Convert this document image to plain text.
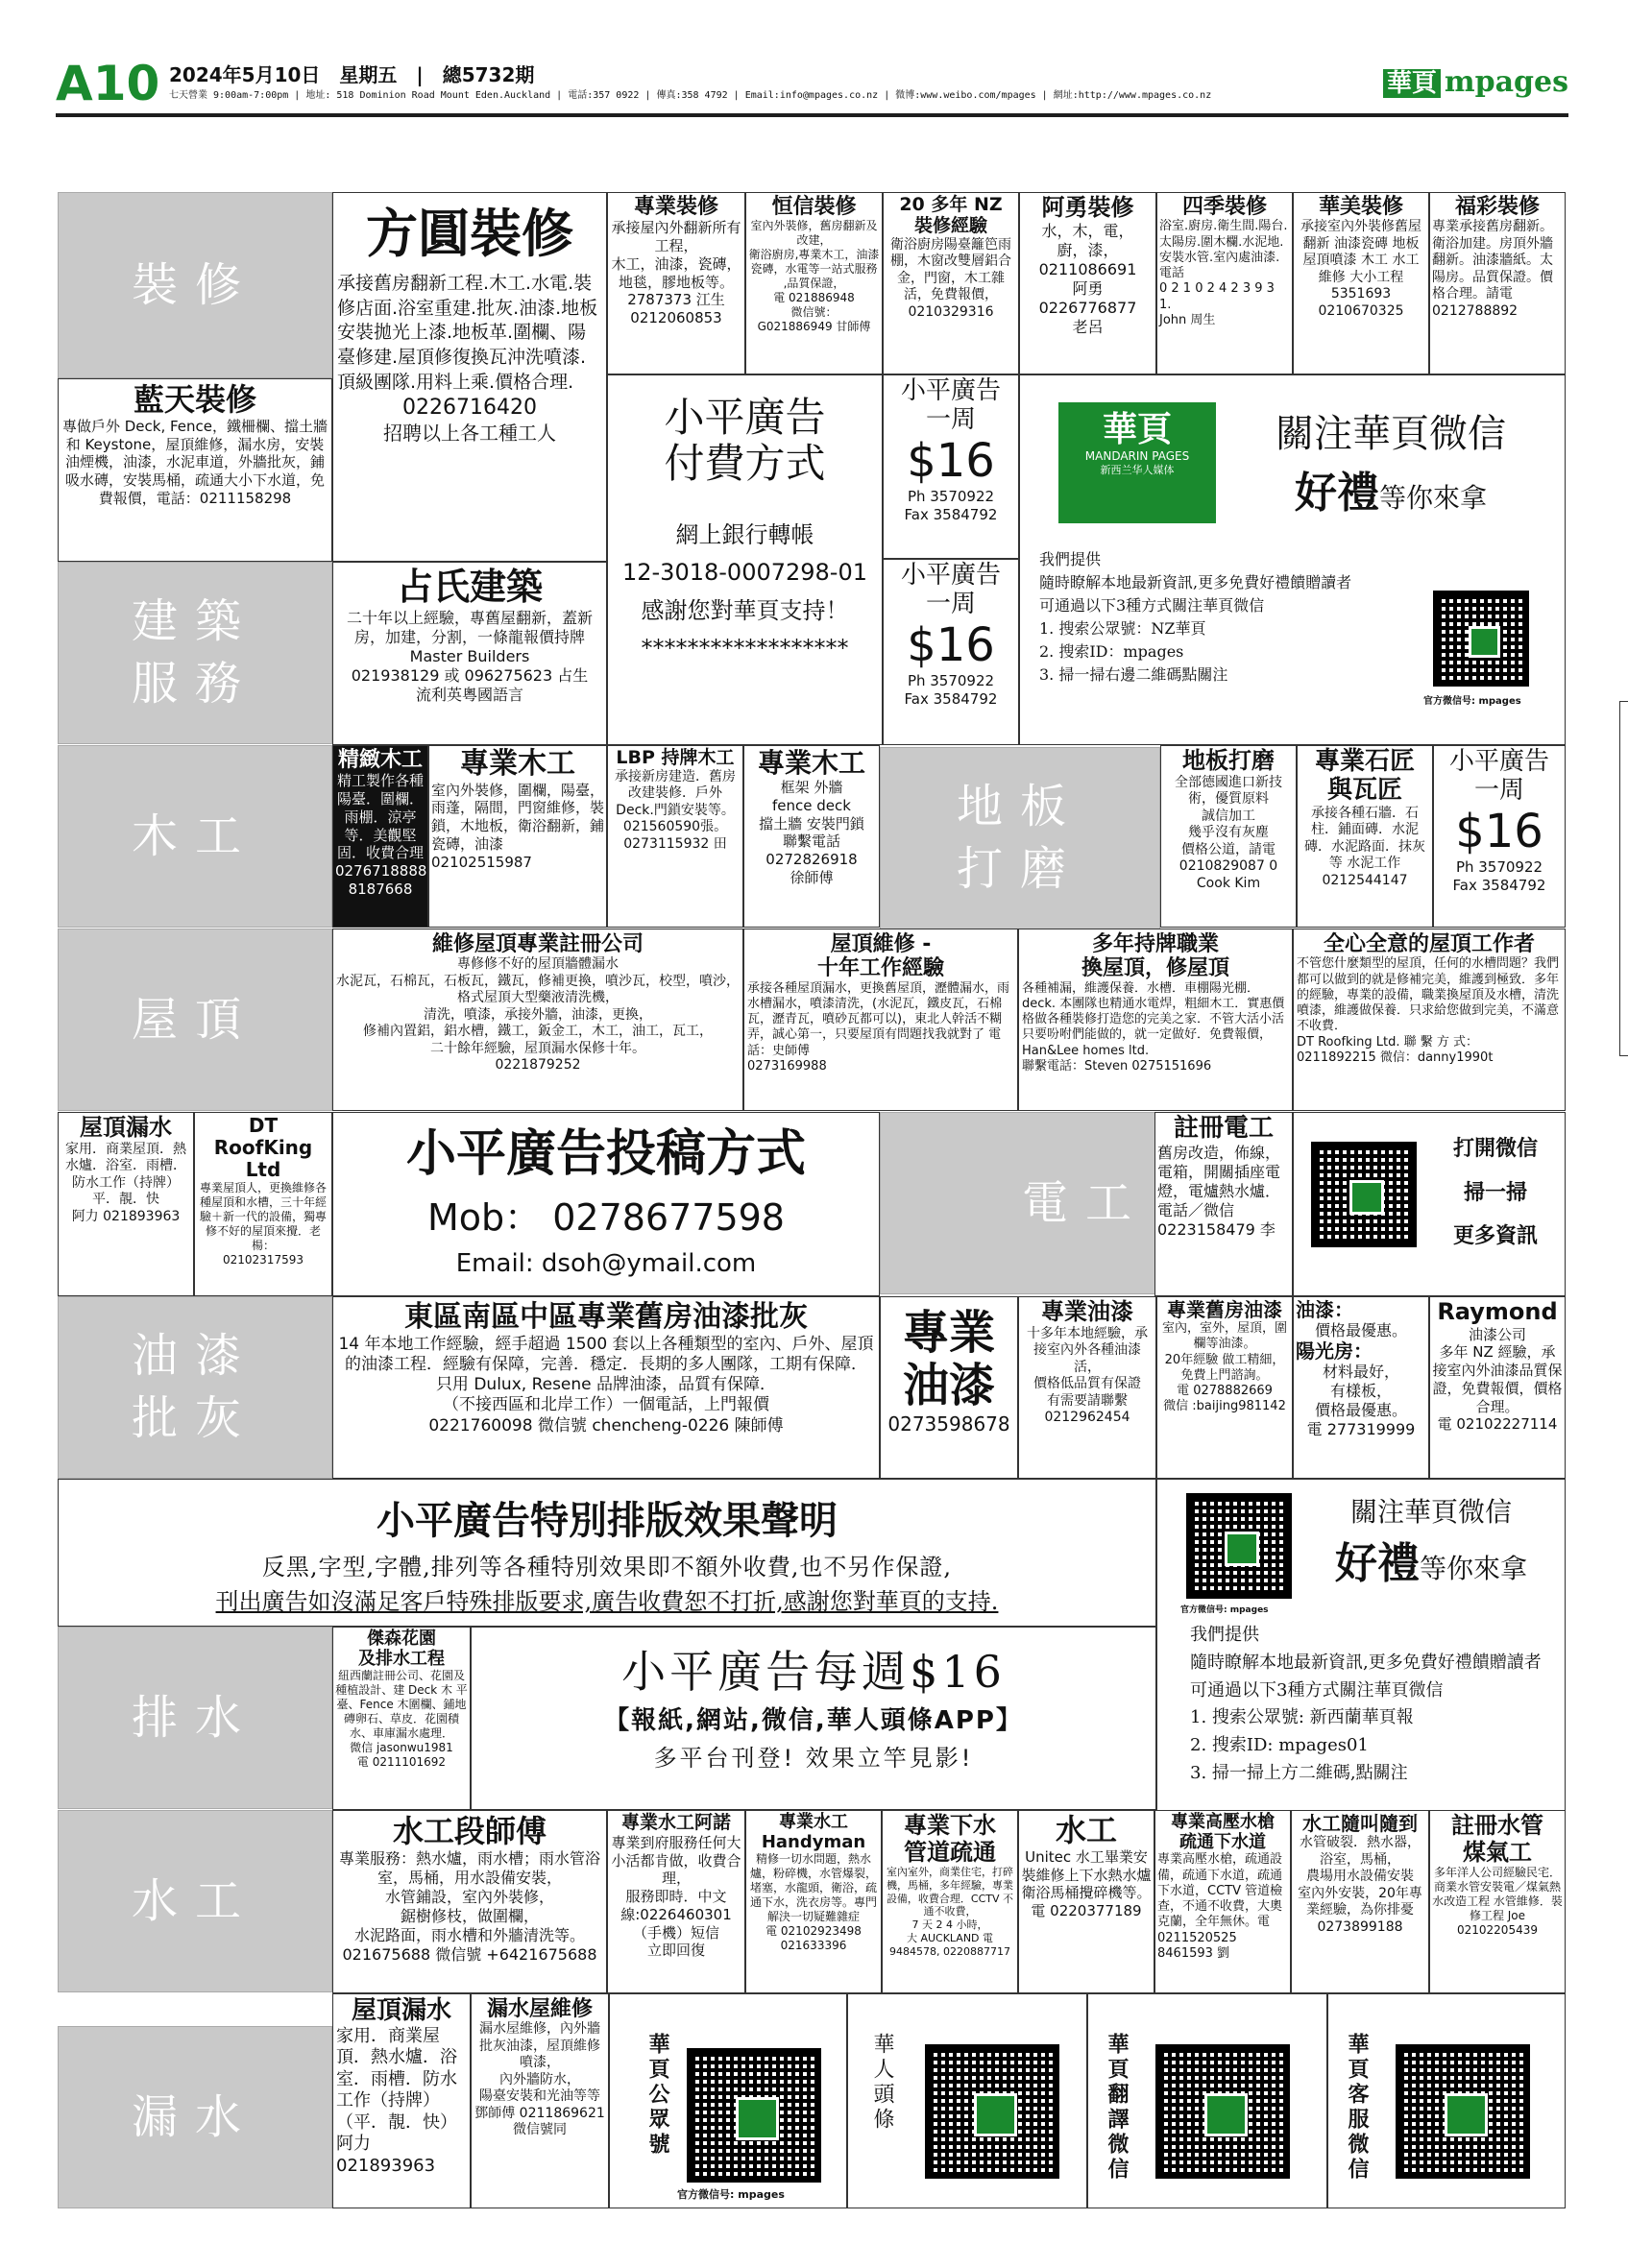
A10 2024年5月10日　星期五　|　總5732期
七天營業 9:00am-7:00pm | 地址: 518 Dominion Road Mount Eden.Auckland | 電話:357 0922 | 傳真:358 4792 | Email:info@mpages.co.nz | 微博:www.weibo.com/mpages | 網址:http://www.mpages.co.nz	華頁 mpages
裝修
建築
服務
木工
屋頂
電工
油漆
批灰
排水
水工
漏水
地板
打磨
方圓裝修
承接舊房翻新工程.木工.水電.裝修店面.浴室重建.批灰.油漆.地板安裝拋光上漆.地板革.圍欄、陽臺修建.屋頂修復換瓦沖洗噴漆.頂級團隊.用料上乘.價格合理.
0226716420
招聘以上各工種工人
專業裝修
承接屋內外翻新所有工程，
木工，油漆，瓷磚，地毯，膠地板等。
2787373 江生
0212060853
恒信裝修
室內外裝修，舊房翻新及改建，
衛浴廚房,專業木工，油漆瓷磚，水電等一站式服務 ,品質保證，
電 021886948
微信號：
G021886949 甘師傅
20 多年 NZ
裝修經驗
衛浴廚房陽臺籬笆雨棚，木窗改雙層鋁合金，門窗，木工雜活，免費報價，
0210329316
阿勇裝修
水，木，電，
廚，漆，
0211086691
阿勇
0226776877
老呂
四季裝修
浴室.廚房.衛生間.陽台.太陽房.圍木欄.水泥地.安裝水管.室內處油漆.電話
0 2 1 0 2 4 2 3 9 3 1.
John 周生
華美裝修
承接室內外裝修舊屋翻新 油漆瓷磚 地板 屋頂噴漆 木工 水工 維修 大小工程
5351693
0210670325
福彩裝修
專業承接舊房翻新。衛浴加建。房頂外牆翻新。油漆牆紙。太陽房。品質保證。價格合理。請電
0212788892
藍天裝修
專做戶外 Deck, Fence，鐵柵欄、擋土牆和 Keystone，屋頂維修，漏水房，安裝油煙機，油漆，水泥車道，外牆批灰，鋪吸水磚，安裝馬桶，疏通大小下水道，免費報價，電話：0211158298
小平廣告
付費方式
網上銀行轉帳
12-3018-0007298-01
感謝您對華頁支持！
******************
小平廣告
一周
$16
Ph 3570922
Fax 3584792
小平廣告
一周
$16
Ph 3570922
Fax 3584792
華頁
MANDARIN PAGES
新西兰华人媒体
關注華頁微信
好禮等你來拿
我們提供
隨時瞭解本地最新資訊,更多免費好禮饋贈讀者
可通過以下3種方式關注華頁微信
1. 搜索公眾號：NZ華頁
2. 搜索ID：mpages
3. 掃一掃右邊二維碼點關注
官方微信号: mpages
占氏建築
二十年以上經驗，專舊屋翻新，蓋新房，加建，分割，一條龍報價持牌 Master Builders
021938129 或 096275623 占生
流利英粵國語言
精緻木工
精工製作各種陽臺．圍欄．雨棚．涼亭等．美觀堅固．收費合理
0276718888
8187668
專業木工
室內外裝修，圍欄，陽臺，雨蓬，隔間，門窗維修，裝鎖，木地板，衛浴翻新，鋪瓷磚，油漆
02102515987
LBP 持牌木工
承接新房建造．舊房改建裝修．戶外 Deck.門鎖安裝等。
021560590張。
0273115932 田
專業木工
框架 外牆
fence deck
擋土牆 安裝門鎖
聯繫電話
0272826918
徐師傅
地板打磨
全部德國進口新技術，優質原料
誠信加工
幾乎沒有灰塵
價格公道，請電
0210829087 0
Cook Kim
專業石匠
與瓦匠
承接各種石牆．石柱．鋪面磚．水泥磚．水泥路面．抹灰 等 水泥工作
0212544147
小平廣告
一周
$16
Ph 3570922
Fax 3584792
維修屋頂專業註冊公司
專修修不好的屋頂牆體漏水
水泥瓦，石棉瓦，石板瓦，鐵瓦，修補更換，噴沙瓦，校型，噴沙，格式屋頂大型藥液清洗機，
清洗，噴漆，承接外牆，油漆，更換，
修補內置鋁，鋁水槽，鐵工，鈑金工，木工，油工，瓦工，
二十餘年經驗，屋頂漏水保修十年。
0221879252
屋頂維修 -
十年工作經驗
承接各種屋頂漏水，更換舊屋頂，瀝體漏水，雨水槽漏水，噴漆清洗，(水泥瓦，鐵皮瓦，石棉瓦，瀝青瓦，噴砂瓦都可以)，東北人幹活不糊弄，誠心第一，只要屋頂有問題找我就對了 電話：史師傅
0273169988
多年持牌職業
換屋頂，修屋頂
各種補漏，維護保養．水槽．車棚陽光棚．deck. 本團隊也精通水電焊，粗細木工．實惠價格做各種裝修打造您的完美之家．不管大活小活只要吩咐們能做的，就一定做好．免費報價，Han&Lee homes ltd.
聯繫電話：Steven 0275151696
全心全意的屋頂工作者
不管您什麼類型的屋頂，任何的水槽問題？我們都可以做到的就是修補完美，維護到極致．多年的經驗，專業的設備，職業換屋頂及水槽，清洗噴漆，維護做保養．只求給您做到完美，不滿意不收費．
DT Roofking Ltd. 聯 繫 方 式：
0211892215 微信：danny1990t
屋頂漏水
家用．商業屋頂．熱水爐．浴室．雨槽．
防水工作（持牌）
平．靚．快
阿力 021893963
DT RoofKing
Ltd
專業屋頂人，更換維修各種屋頂和水槽，三十年經驗＋新一代的設備，獨專修不好的屋頂來攪．老楊：
02102317593
小平廣告投稿方式
Mob： 0278677598
Email: dsoh@ymail.com
註冊電工
舊房改造，佈線，電箱，開關插座電燈，電爐熱水爐．電話／微信
0223158479 李
打開微信
掃一掃
更多資訊
東區南區中區專業舊房油漆批灰
14 年本地工作經驗，經手超過 1500 套以上各種類型的室內、戶外、屋頂的油漆工程．經驗有保障，完善．穩定．長期的多人團隊，工期有保障．只用 Dulux, Resene 品牌油漆，品質有保障．
（不接西區和北岸工作）一個電話，上門報價
0221760098 微信號 chencheng-0226 陳師傅
專業
油漆
0273598678
專業油漆
十多年本地經驗，承接室內外各種油漆活，
價格低品質有保證
有需要請聯繫
0212962454
專業舊房油漆
室內，室外，屋頂，圍欄等油漆。
20年經驗 做工精細，免費上門諮詢。
電 0278882669
微信 :baijing981142
油漆：
價格最優惠。
陽光房：
材料最好，
有樣板，
價格最優惠。
電 277319999
Raymond
油漆公司
多年 NZ 經驗，承接室內外油漆品質保證，免費報價，價格合理。
電 02102227114
小平廣告特別排版效果聲明
反黑,字型,字體,排列等各種特別效果即不額外收費,也不另作保證,
刊出廣告如沒滿足客戶特殊排版要求,廣告收費恕不打折,感謝您對華頁的支持.	官方微信号: mpages
關注華頁微信
好禮等你來拿
我們提供
隨時瞭解本地最新資訊,更多免費好禮饋贈讀者
可通過以下3種方式關注華頁微信
1. 搜索公眾號: 新西蘭華頁報
2. 搜索ID: mpages01
3. 掃一掃上方二維碼,點關注
傑森花園
及排水工程
紐西蘭註冊公司、花園及種植設計、建 Deck 木 平 臺、Fence 木圍欄、鋪地磚卵石、草皮．花園積水、車庫漏水處理．
微信 jasonwu1981
電 0211101692
小平廣告每週$16
【報紙,網站,微信,華人頭條APP】
多平台刊登! 效果立竿見影!
水工段師傅
專業服務：熱水爐，雨水槽；雨水管浴室，馬桶，用水設備安裝，
水管鋪設，室內外裝修，
鋸樹修枝，做圍欄，
水泥路面，雨水槽和外牆清洗等。
021675688 微信號 +6421675688
專業水工阿諾
專業到府服務任何大小活都肯做，收費合理，
服務即時．中文線:0226460301
（手機）短信
立即回復
專業水工
Handyman
精修一切水問題，熱水爐，粉碎機，水管爆裂，堵塞，水龍頭，衛浴，疏通下水，洗衣房等。專門解決一切疑難雜症
電 02102923498
021633396
專業下水
管道疏通
室內室外，商業住宅，打碎機，馬桶，多年經驗，專業設備，收費合理．CCTV 不通不收費，
7 天 2 4 小時，
大 AUCKLAND 電
9484578, 0220887717
水工
Unitec 水工畢業安裝維修上下水熱水爐衛浴馬桶攪碎機等。
電 0220377189
專業高壓水槍
疏通下水道
專業高壓水槍，疏通設備，疏通下水道，疏通下水道，CCTV 管道檢查，不通不收費，大奧克蘭，全年無休。電 0211520525
8461593 劉
水工隨叫隨到
水管破裂．熱水器，
浴室，馬桶，
農場用水設備安裝
室內外安裝，20年專業經驗，為你排憂 0273899188
註冊水管
煤氣工
多年洋人公司經驗民宅．商業水管安裝電／煤氣熱水改造工程 水管維修．裝修工程 Joe 02102205439
屋頂漏水
家用．商業屋頂．熱水爐．浴室．雨槽．防水工作（持牌）（平．靚．快）阿力 021893963
漏水屋維修
漏水屋維修，內外牆批灰油漆，屋頂維修噴漆，
內外牆防水，
陽臺安裝和光油等等
鄧師傅 0211869621
微信號同	華頁公眾號
官方微信号: mpages
華人頭條	華頁翻譯微信	華頁客服微信
